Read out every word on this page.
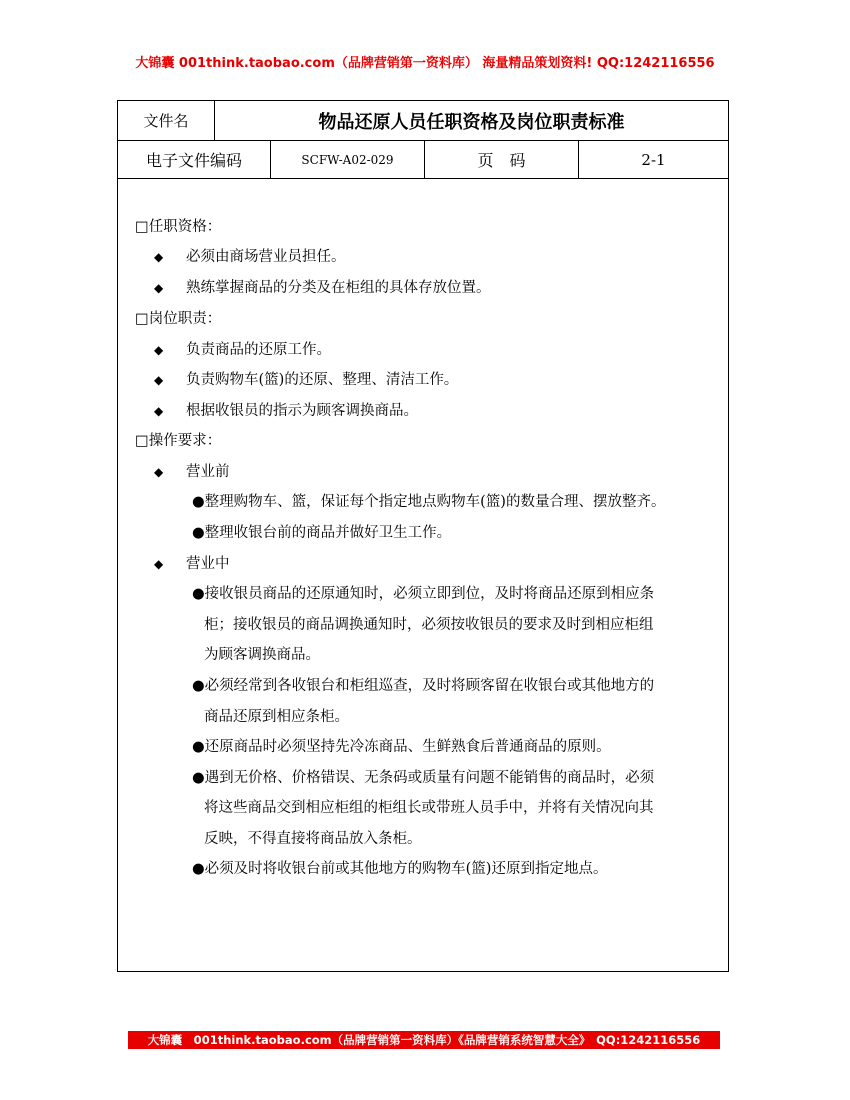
大锦囊 001think.taobao.com（品牌营销第一资料库） 海量精品策划资料! QQ:1242116556
文件名	物品还原人员任职资格及岗位职责标准
电子文件编码	SCFW-A02-029	页　码	2-1
□任职资格：
◆ 必须由商场营业员担任。
◆ 熟练掌握商品的分类及在柜组的具体存放位置。
□岗位职责：
◆ 负责商品的还原工作。
◆ 负责购物车(篮)的还原、整理、清洁工作。
◆ 根据收银员的指示为顾客调换商品。
□操作要求：
◆ 营业前
●整理购物车、篮，保证每个指定地点购物车(篮)的数量合理、摆放整齐。
●整理收银台前的商品并做好卫生工作。
◆ 营业中
●接收银员商品的还原通知时，必须立即到位，及时将商品还原到相应条
柜；接收银员的商品调换通知时，必须按收银员的要求及时到相应柜组
为顾客调换商品。
●必须经常到各收银台和柜组巡查，及时将顾客留在收银台或其他地方的
商品还原到相应条柜。
●还原商品时必须坚持先冷冻商品、生鲜熟食后普通商品的原则。
●遇到无价格、价格错误、无条码或质量有问题不能销售的商品时，必须
将这些商品交到相应柜组的柜组长或带班人员手中，并将有关情况向其
反映，不得直接将商品放入条柜。
●必须及时将收银台前或其他地方的购物车(篮)还原到指定地点。
大锦囊　001think.taobao.com（品牌营销第一资料库）《品牌营销系统智慧大全》　QQ:1242116556
